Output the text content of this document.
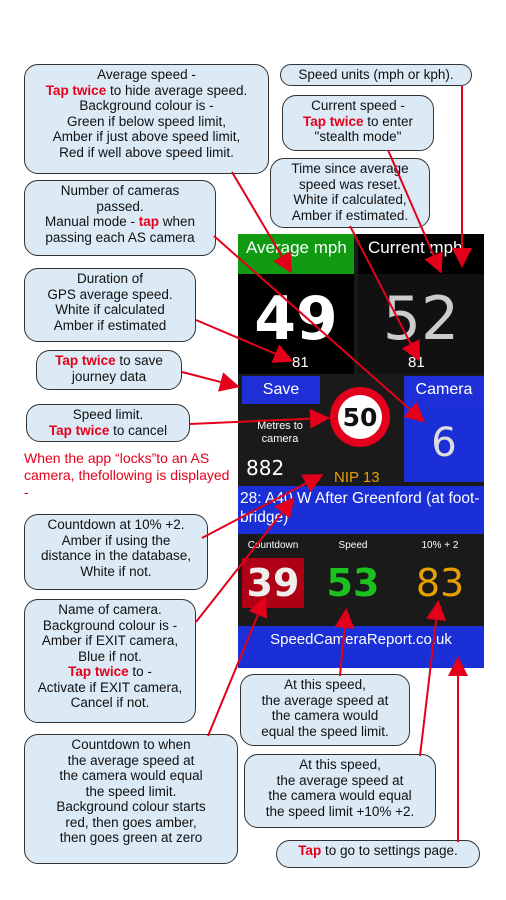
Average mph
49
81
Current mph
52
81
Save	Camera
6
50
Metres to camera
882	NIP 13
28: A40 W After Greenford (at foot-bridge)
Countdown	Speed	10% + 2
39 53 83
SpeedCameraReport.co.uk
Average speed -
Tap twice to hide average speed.
Background colour is -
Green if below speed limit,
Amber if just above speed limit,
Red if well above speed limit.
Speed units (mph or kph).
Current speed -
Tap twice to enter
"stealth mode"
Time since average
speed was reset.
White if calculated,
Amber if estimated.
Number of cameras
passed.
Manual mode - tap when
passing each AS camera
Duration of
GPS average speed.
White if calculated
Amber if estimated
Tap twice to save
journey data
Speed limit.
Tap twice to cancel
When the app “locks”to an AS camera, thefollowing is displayed -
Countdown at 10% +2.
Amber if using the
distance in the database,
White if not.
Name of camera.
Background colour is -
Amber if EXIT camera,
Blue if not.
Tap twice to -
Activate if EXIT camera,
Cancel if not.
At this speed,
the average speed at
the camera would
equal the speed limit.
Countdown to when
the average speed at
the camera would equal
the speed limit.
Background colour starts
red, then goes amber,
then goes green at zero
At this speed,
the average speed at
the camera would equal
the speed limit +10% +2.
Tap to go to settings page.
